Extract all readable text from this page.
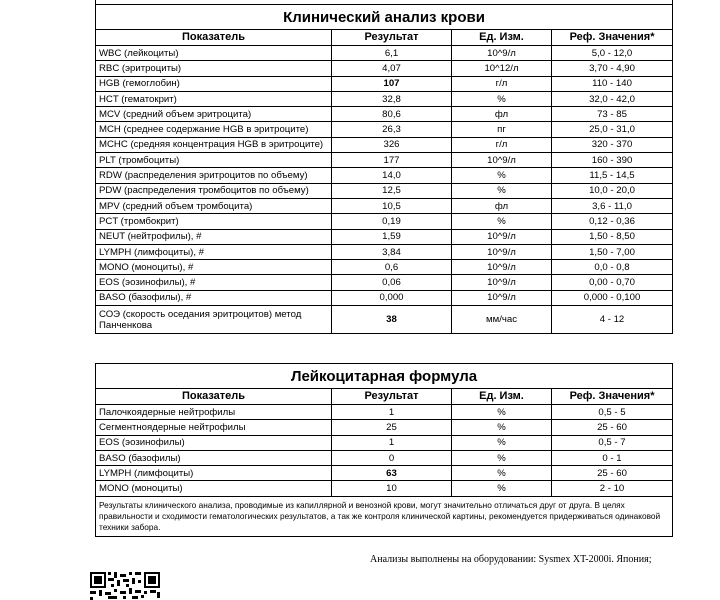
Клинический анализ крови			
Показатель	Результат	Ед. Изм.	Реф. Значения*
WBC (лейкоциты)	6,1	10^9/л	5,0 - 12,0
RBC (эритроциты)	4,07	10^12/л	3,70 - 4,90
HGB (гемоглобин)	107	г/л	110 - 140
HCT (гематокрит)	32,8	%	32,0 - 42,0
MCV (средний объем эритроцита)	80,6	фл	73 - 85
MCH (среднее содержание HGB в эритроците)	26,3	пг	25,0 - 31,0
MCHC (средняя концентрация HGB в эритроците)	326	г/л	320 - 370
PLT (тромбоциты)	177	10^9/л	160 - 390
RDW (распределения эритроцитов по объему)	14,0	%	11,5 - 14,5
PDW (распределения тромбоцитов по объему)	12,5	%	10,0 - 20,0
MPV (средний объем тромбоцита)	10,5	фл	3,6 - 11,0
PCT (тромбокрит)	0,19	%	0,12 - 0,36
NEUT (нейтрофилы), #	1,59	10^9/л	1,50 - 8,50
LYMPH (лимфоциты), #	3,84	10^9/л	1,50 - 7,00
MONO (моноциты), #	0,6	10^9/л	0,0 - 0,8
EOS (эозинофилы), #	0,06	10^9/л	0,00 - 0,70
BASO (базофилы), #	0,000	10^9/л	0,000 - 0,100
СОЭ (скорость оседания эритроцитов) метод Панченкова	38	мм/час	4 - 12
Лейкоцитарная формула			
Показатель	Результат	Ед. Изм.	Реф. Значения*
Палочкоядерные нейтрофилы	1	%	0,5 - 5
Сегментноядерные нейтрофилы	25	%	25 - 60
EOS (эозинофилы)	1	%	0,5 - 7
BASO (базофилы)	0	%	0 - 1
LYMPH (лимфоциты)	63	%	25 - 60
MONO (моноциты)	10	%	2 - 10
Результаты клинического анализа, проводимые из капиллярной и венозной крови, могут значительно отличаться друг от друга. В целях правильности и сходимости гематологических результатов, а так же контроля клинической картины, рекомендуется придерживаться одинаковой техники забора.			
Анализы выполнены на оборудовании: Sysmex XT-2000i. Япония;
